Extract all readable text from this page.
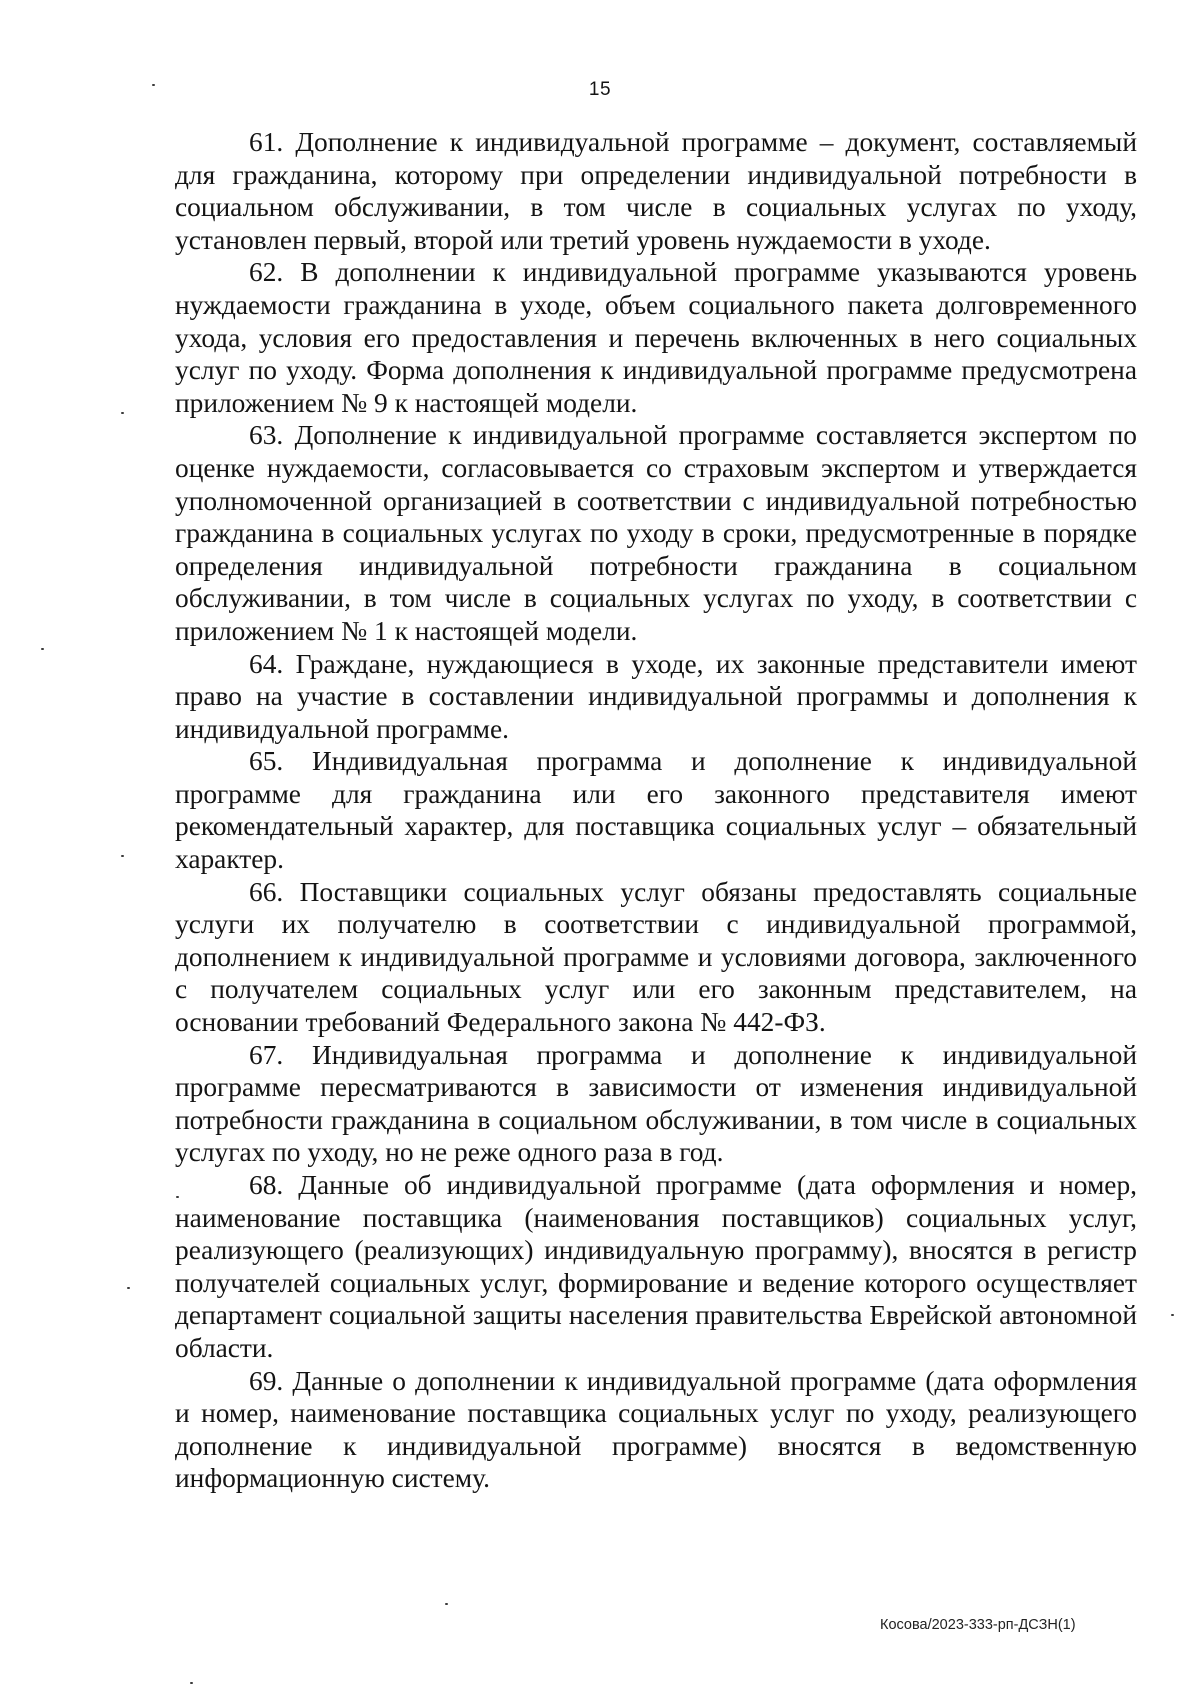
15

61. Дополнение к индивидуальной программе – документ, составляемый для гражданина, которому при определении индивидуальной потребности в социальном обслуживании, в том числе в социальных услугах по уходу, установлен первый, второй или третий уровень нуждаемости в уходе.

62. В дополнении к индивидуальной программе указываются уровень нуждаемости гражданина в уходе, объем социального пакета долговременного ухода, условия его предоставления и перечень включенных в него социальных услуг по уходу. Форма дополнения к индивидуальной программе предусмотрена приложением № 9 к настоящей модели.

63. Дополнение к индивидуальной программе составляется экспертом по оценке нуждаемости, согласовывается со страховым экспертом и утверждается уполномоченной организацией в соответствии с индивидуальной потребностью гражданина в социальных услугах по уходу в сроки, предусмотренные в порядке определения индивидуальной потребности гражданина в социальном обслуживании, в том числе в социальных услугах по уходу, в соответствии с приложением № 1 к настоящей модели.

64. Граждане, нуждающиеся в уходе, их законные представители имеют право на участие в составлении индивидуальной программы и дополнения к индивидуальной программе.

65. Индивидуальная программа и дополнение к индивидуальной программе для гражданина или его законного представителя имеют рекомендательный характер, для поставщика социальных услуг – обязательный характер.

66. Поставщики социальных услуг обязаны предоставлять социальные услуги их получателю в соответствии с индивидуальной программой, дополнением к индивидуальной программе и условиями договора, заключенного с получателем социальных услуг или его законным представителем, на основании требований Федерального закона № 442-ФЗ.

67. Индивидуальная программа и дополнение к индивидуальной программе пересматриваются в зависимости от изменения индивидуальной потребности гражданина в социальном обслуживании, в том числе в социальных услугах по уходу, но не реже одного раза в год.

68. Данные об индивидуальной программе (дата оформления и номер, наименование поставщика (наименования поставщиков) социальных услуг, реализующего (реализующих) индивидуальную программу), вносятся в регистр получателей социальных услуг, формирование и ведение которого осуществляет департамент социальной защиты населения правительства Еврейской автономной области.

69. Данные о дополнении к индивидуальной программе (дата оформления и номер, наименование поставщика социальных услуг по уходу, реализующего дополнение к индивидуальной программе) вносятся в ведомственную информационную систему.

Косова/2023-333-рп-ДСЗН(1)
